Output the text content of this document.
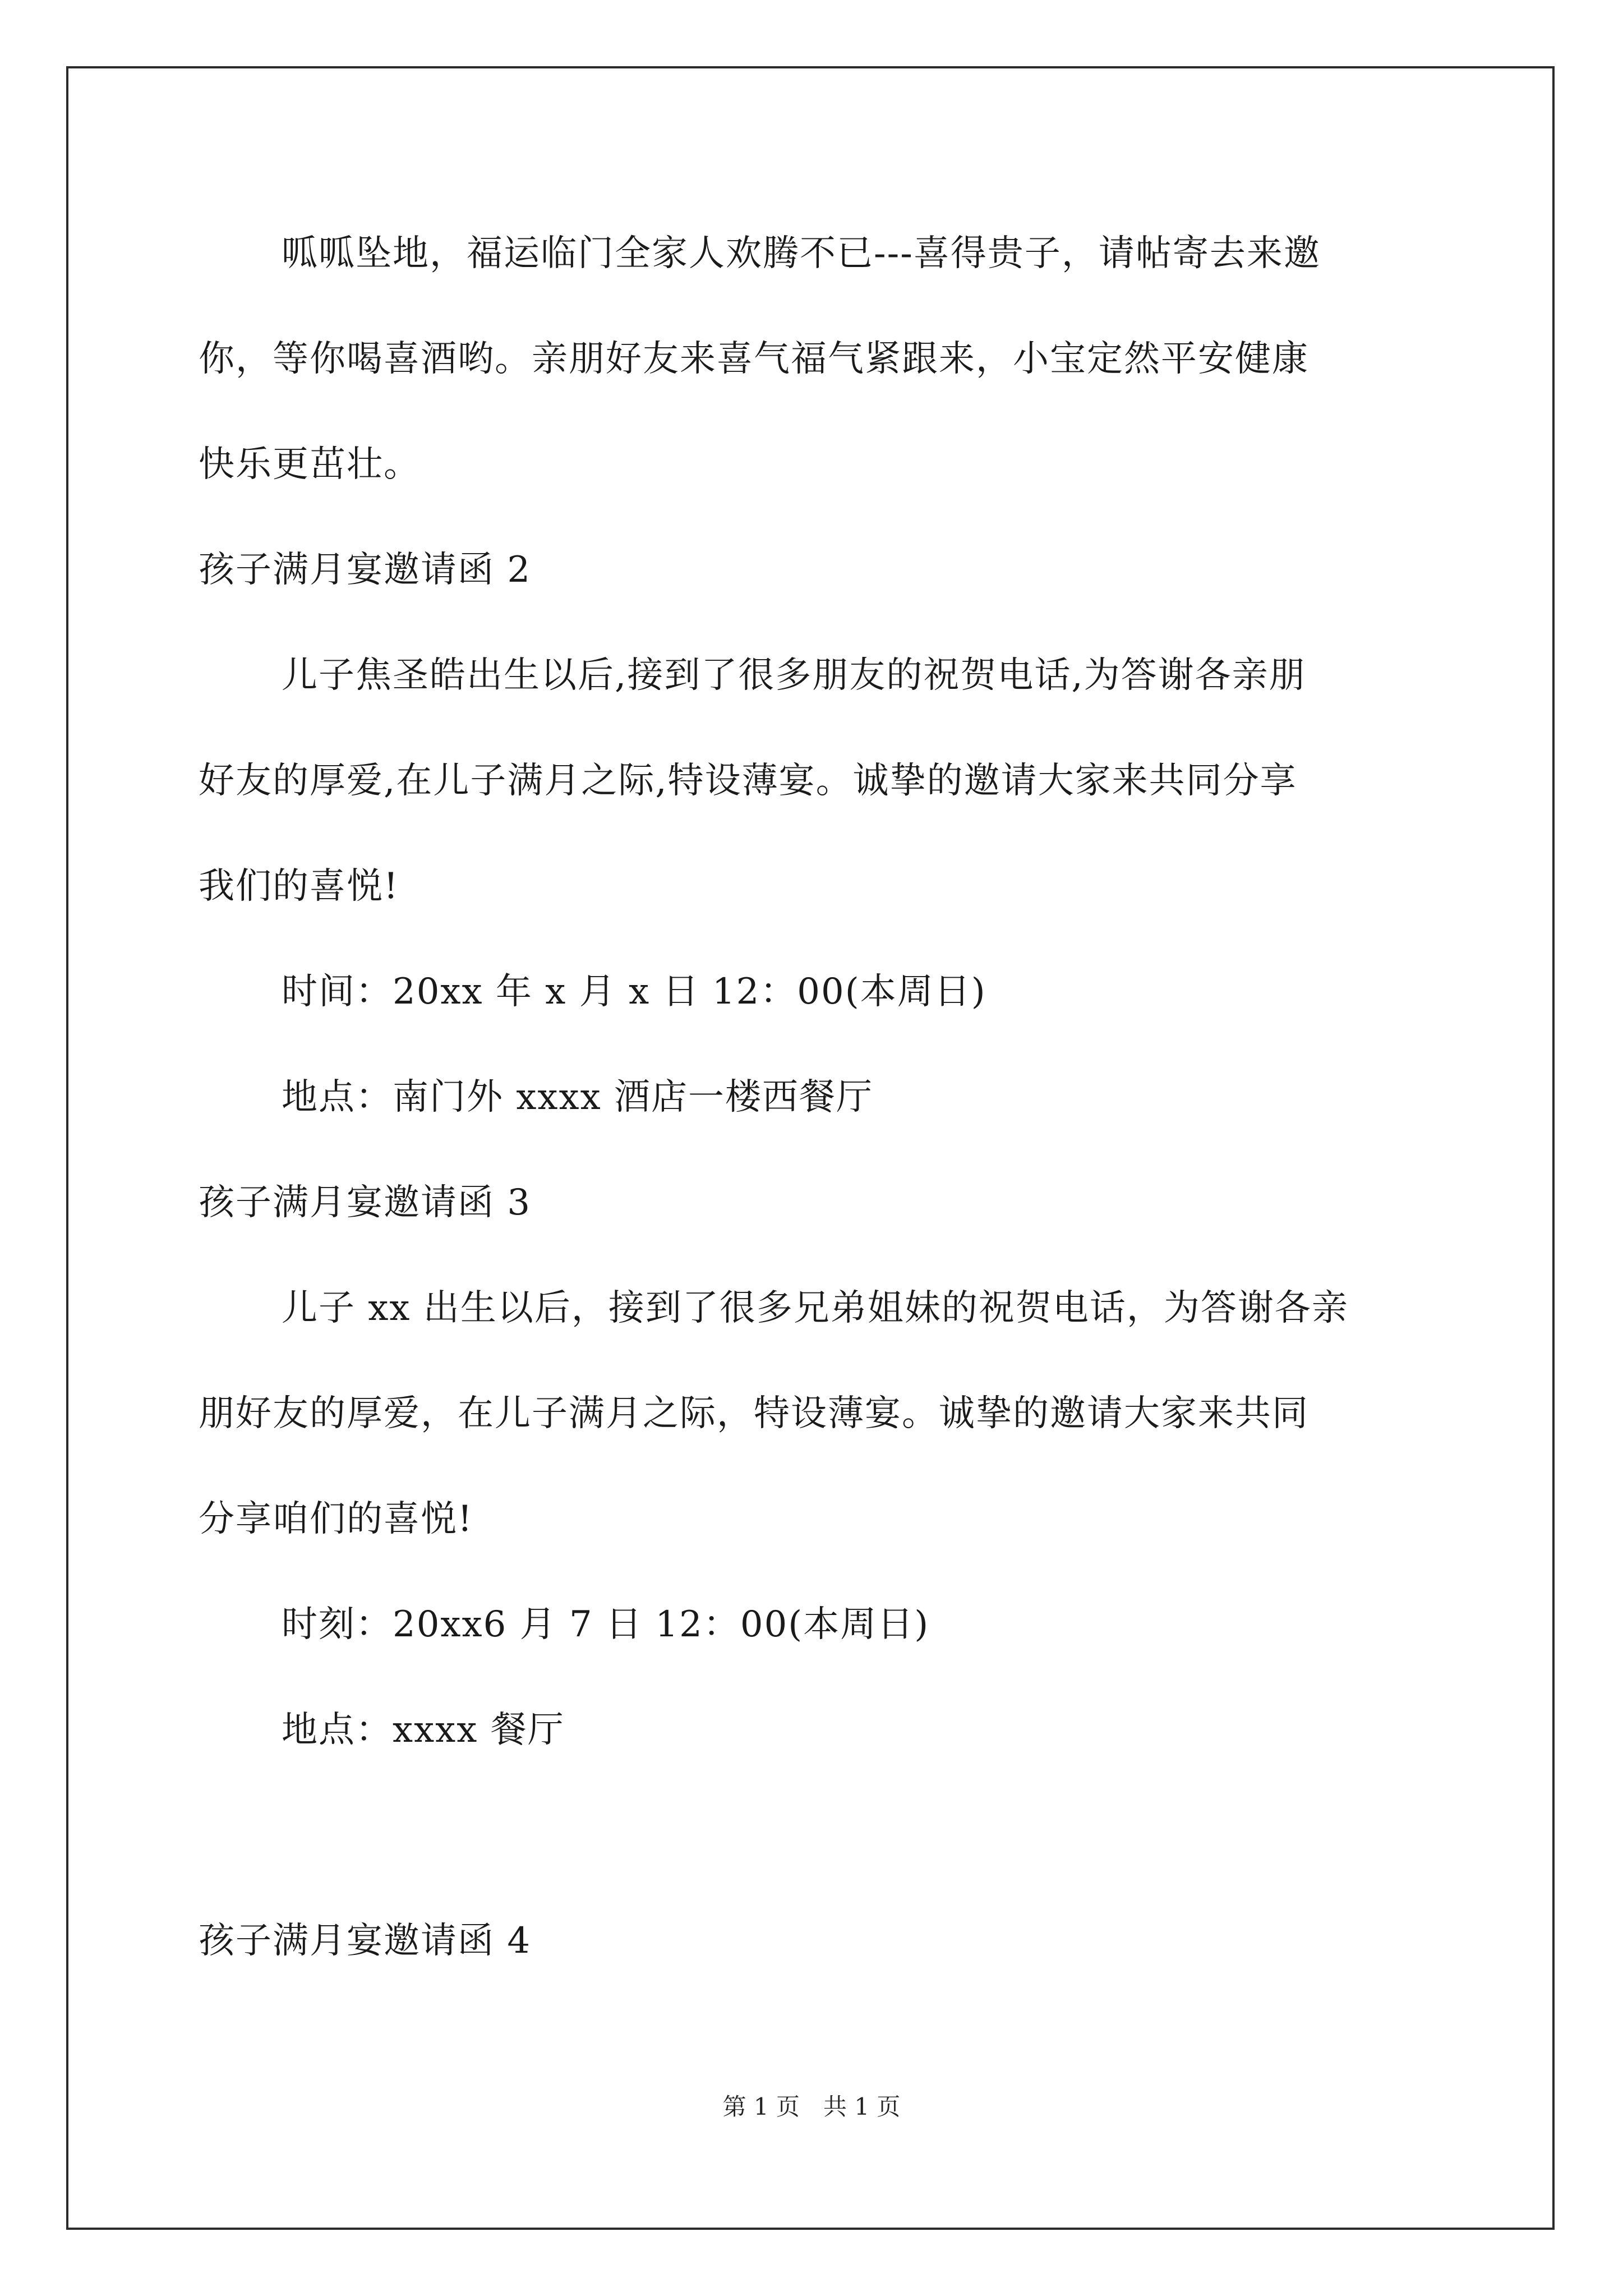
呱呱坠地，福运临门全家人欢腾不已---喜得贵子，请帖寄去来邀
你，等你喝喜酒哟。亲朋好友来喜气福气紧跟来，小宝定然平安健康
快乐更茁壮。
孩子满月宴邀请函 2
儿子焦圣皓出生以后,接到了很多朋友的祝贺电话,为答谢各亲朋
好友的厚爱,在儿子满月之际,特设薄宴。诚挚的邀请大家来共同分享
我们的喜悦!
时间：20xx 年 x 月 x 日 12：00(本周日)
地点：南门外 xxxx 酒店一楼西餐厅
孩子满月宴邀请函 3
儿子 xx 出生以后，接到了很多兄弟姐妹的祝贺电话，为答谢各亲
朋好友的厚爱，在儿子满月之际，特设薄宴。诚挚的邀请大家来共同
分享咱们的喜悦!
时刻：20xx6 月 7 日 12：00(本周日)
地点：xxxx 餐厅
孩子满月宴邀请函 4
第 1 页　共 1 页
